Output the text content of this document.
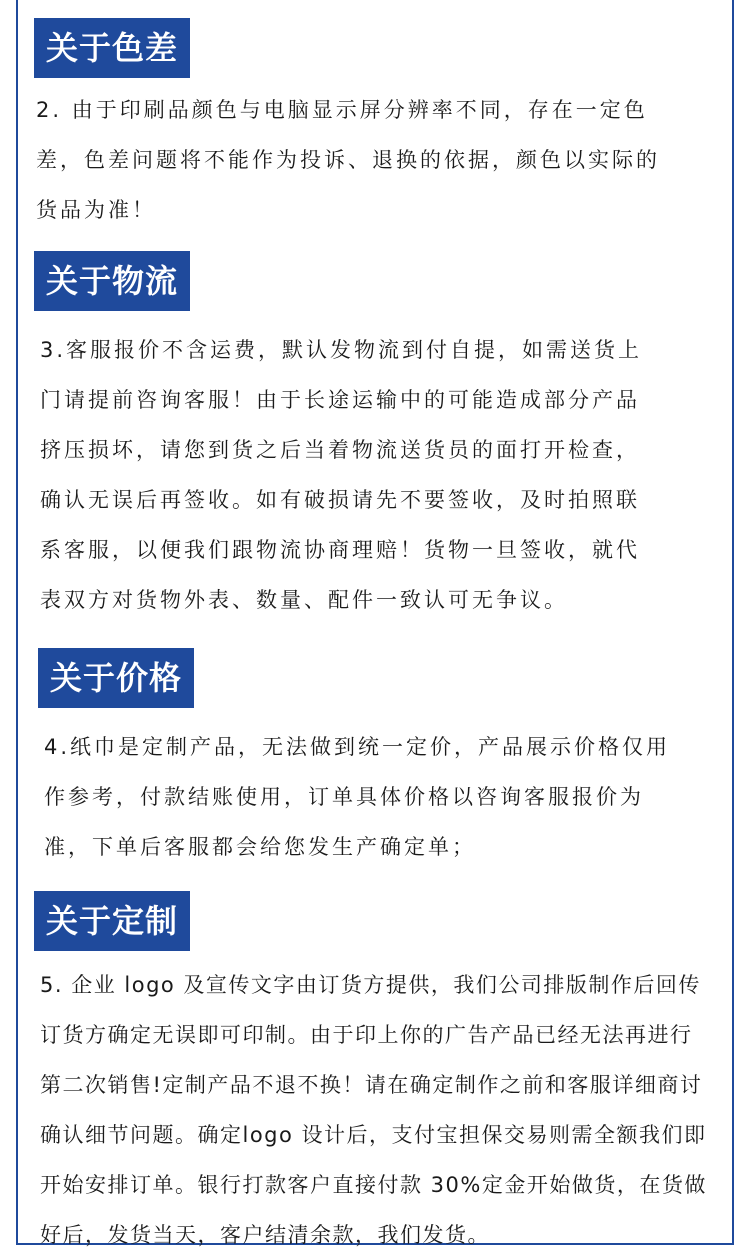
关于色差
2. 由于印刷品颜色与电脑显示屏分辨率不同，存在一定色
差，色差问题将不能作为投诉、退换的依据，颜色以实际的
货品为准！
关于物流
3.客服报价不含运费，默认发物流到付自提，如需送货上
门请提前咨询客服！由于长途运输中的可能造成部分产品
挤压损坏，请您到货之后当着物流送货员的面打开检查，
确认无误后再签收。如有破损请先不要签收，及时拍照联
系客服，以便我们跟物流协商理赔！货物一旦签收，就代
表双方对货物外表、数量、配件一致认可无争议。
关于价格
4.纸巾是定制产品，无法做到统一定价，产品展示价格仅用
作参考，付款结账使用，订单具体价格以咨询客服报价为
准，下单后客服都会给您发生产确定单；
关于定制
5. 企业 logo 及宣传文字由订货方提供，我们公司排版制作后回传
订货方确定无误即可印制。由于印上你的广告产品已经无法再进行
第二次销售!定制产品不退不换！请在确定制作之前和客服详细商讨
确认细节问题。确定logo 设计后，支付宝担保交易则需全额我们即
开始安排订单。银行打款客户直接付款 30%定金开始做货，在货做
好后，发货当天，客户结清余款，我们发货。
